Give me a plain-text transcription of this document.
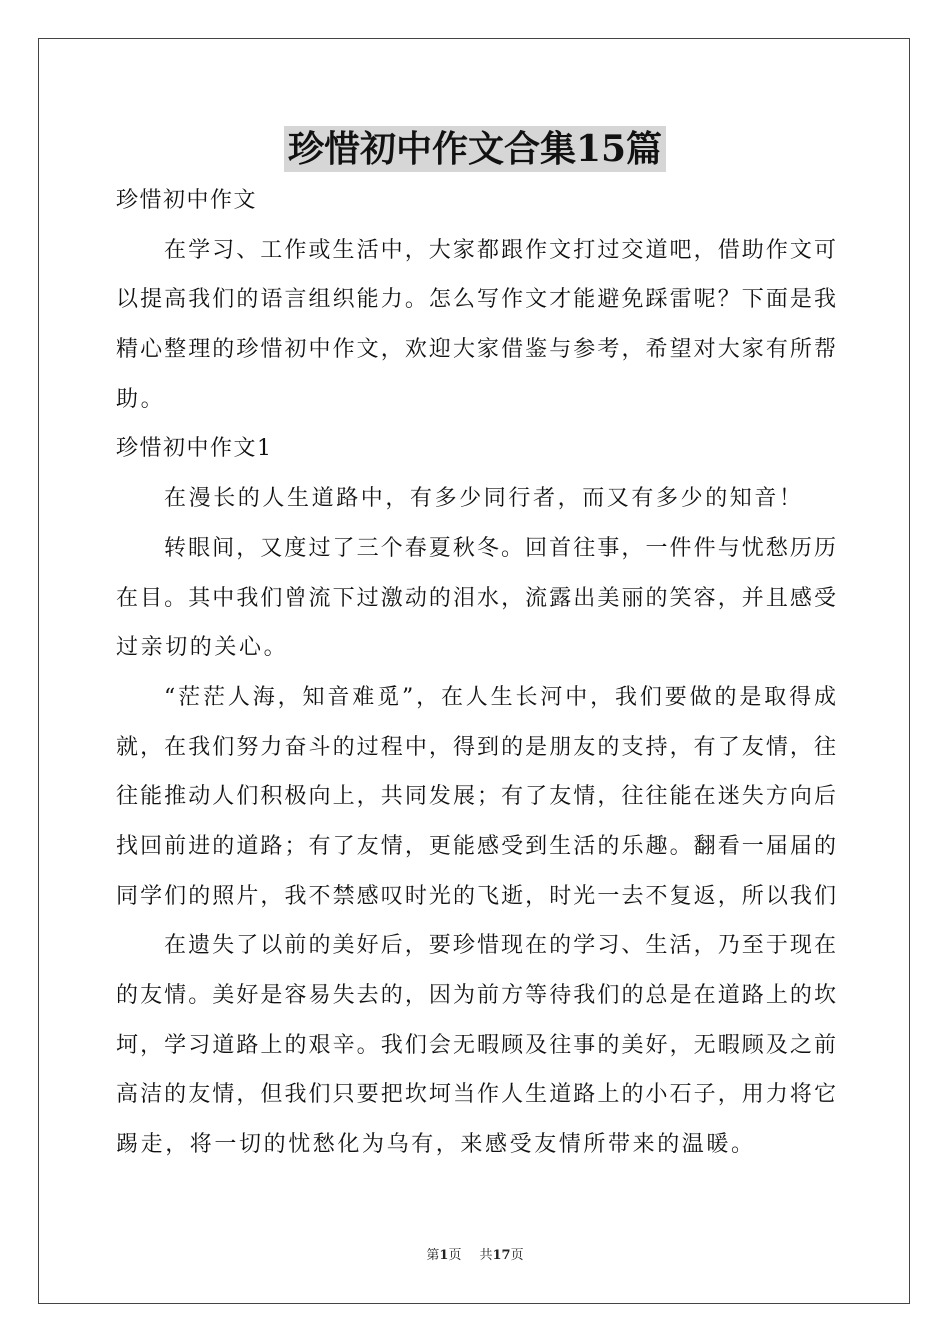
珍惜初中作文合集15篇
珍惜初中作文
在学习、工作或生活中，大家都跟作文打过交道吧，借助作文可
以提高我们的语言组织能力。怎么写作文才能避免踩雷呢？下面是我
精心整理的珍惜初中作文，欢迎大家借鉴与参考，希望对大家有所帮
助。
珍惜初中作文1
在漫长的人生道路中，有多少同行者，而又有多少的知音！
转眼间，又度过了三个春夏秋冬。回首往事，一件件与忧愁历历
在目。其中我们曾流下过激动的泪水，流露出美丽的笑容，并且感受
过亲切的关心。
“茫茫人海，知音难觅”，在人生长河中，我们要做的是取得成
就，在我们努力奋斗的过程中，得到的是朋友的支持，有了友情，往
往能推动人们积极向上，共同发展；有了友情，往往能在迷失方向后
找回前进的道路；有了友情，更能感受到生活的乐趣。翻看一届届的
同学们的照片，我不禁感叹时光的飞逝，时光一去不复返，所以我们
在遗失了以前的美好后，要珍惜现在的学习、生活，乃至于现在
的友情。美好是容易失去的，因为前方等待我们的总是在道路上的坎
坷，学习道路上的艰辛。我们会无暇顾及往事的美好，无暇顾及之前
高洁的友情，但我们只要把坎坷当作人生道路上的小石子，用力将它
踢走，将一切的忧愁化为乌有，来感受友情所带来的温暖。
第1页 共17页
